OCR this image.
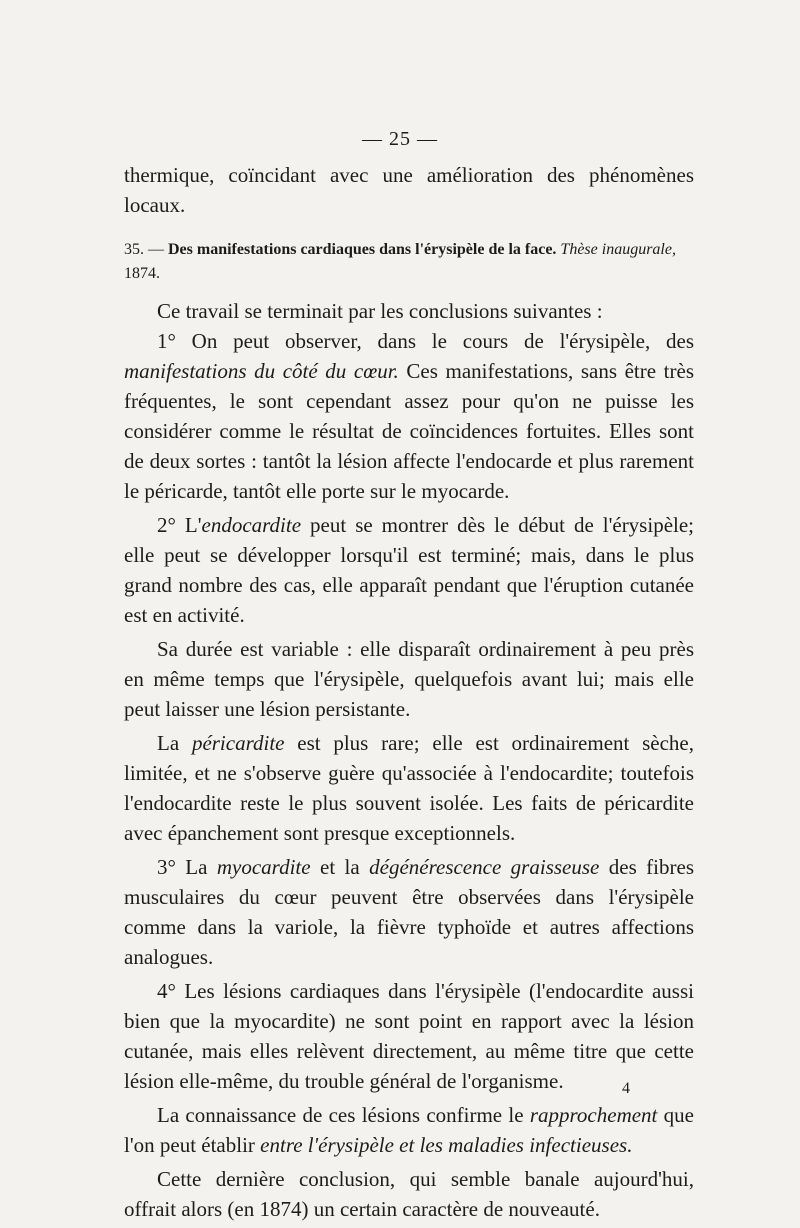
— 25 —
thermique, coïncidant avec une amélioration des phénomènes locaux.
35. — Des manifestations cardiaques dans l'érysipèle de la face. Thèse inaugurale, 1874.

Ce travail se terminait par les conclusions suivantes :

1° On peut observer, dans le cours de l'érysipèle, des manifestations du côté du cœur. Ces manifestations, sans être très fréquentes, le sont cependant assez pour qu'on ne puisse les considérer comme le résultat de coïncidences fortuites. Elles sont de deux sortes : tantôt la lésion affecte l'endocarde et plus rarement le péricarde, tantôt elle porte sur le myocarde.

2° L'endocardite peut se montrer dès le début de l'érysipèle; elle peut se développer lorsqu'il est terminé; mais, dans le plus grand nombre des cas, elle apparaît pendant que l'éruption cutanée est en activité.

Sa durée est variable : elle disparaît ordinairement à peu près en même temps que l'érysipèle, quelquefois avant lui; mais elle peut laisser une lésion persistante.

La péricardite est plus rare; elle est ordinairement sèche, limitée, et ne s'observe guère qu'associée à l'endocardite; toutefois l'endocardite reste le plus souvent isolée. Les faits de péricardite avec épanchement sont presque exceptionnels.

3° La myocardite et la dégénérescence graisseuse des fibres musculaires du cœur peuvent être observées dans l'érysipèle comme dans la variole, la fièvre typhoïde et autres affections analogues.

4° Les lésions cardiaques dans l'érysipèle (l'endocardite aussi bien que la myocardite) ne sont point en rapport avec la lésion cutanée, mais elles relèvent directement, au même titre que cette lésion elle-même, du trouble général de l'organisme.

La connaissance de ces lésions confirme le rapprochement que l'on peut établir entre l'érysipèle et les maladies infectieuses.

Cette dernière conclusion, qui semble banale aujourd'hui, offrait alors (en 1874) un certain caractère de nouveauté.

4
